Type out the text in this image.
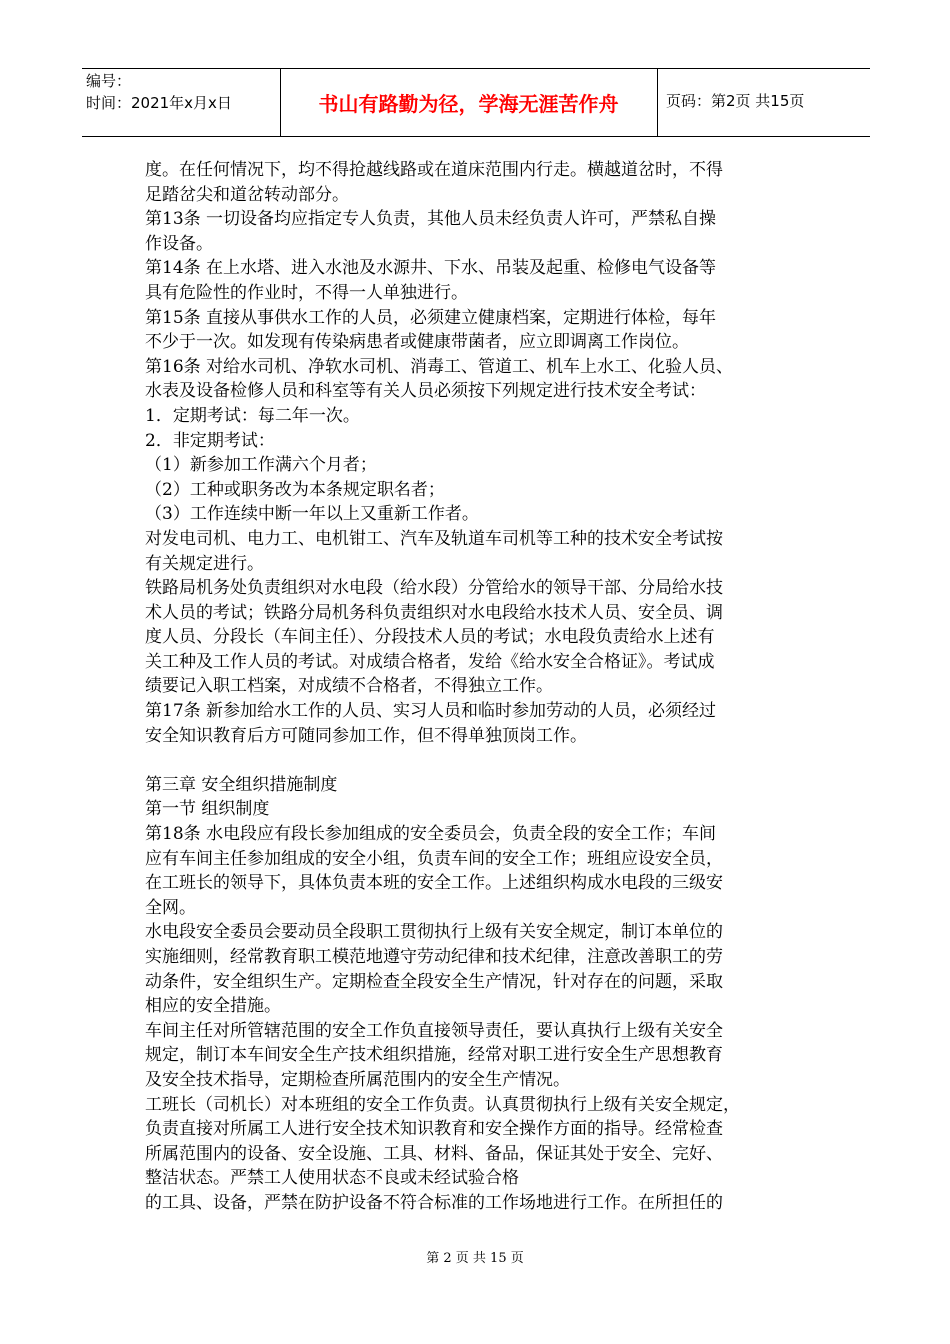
编号：
时间：2021年x月x日	书山有路勤为径，学海无涯苦作舟	页码：第2页 共15页
度。在任何情况下，均不得抢越线路或在道床范围内行走。横越道岔时，不得
足踏岔尖和道岔转动部分。
第13条 一切设备均应指定专人负责，其他人员未经负责人许可，严禁私自操
作设备。
第14条 在上水塔、进入水池及水源井、下水、吊装及起重、检修电气设备等
具有危险性的作业时，不得一人单独进行。
第15条 直接从事供水工作的人员，必须建立健康档案，定期进行体检，每年
不少于一次。如发现有传染病患者或健康带菌者，应立即调离工作岗位。
第16条 对给水司机、净软水司机、消毒工、管道工、机车上水工、化验人员、
水表及设备检修人员和科室等有关人员必须按下列规定进行技术安全考试：
1．定期考试：每二年一次。
2．非定期考试：
（1）新参加工作满六个月者；
（2）工种或职务改为本条规定职名者；
（3）工作连续中断一年以上又重新工作者。
对发电司机、电力工、电机钳工、汽车及轨道车司机等工种的技术安全考试按
有关规定进行。
铁路局机务处负责组织对水电段（给水段）分管给水的领导干部、分局给水技
术人员的考试；铁路分局机务科负责组织对水电段给水技术人员、安全员、调
度人员、分段长（车间主任）、分段技术人员的考试；水电段负责给水上述有
关工种及工作人员的考试。对成绩合格者，发给《给水安全合格证》。考试成
绩要记入职工档案，对成绩不合格者，不得独立工作。
第17条 新参加给水工作的人员、实习人员和临时参加劳动的人员，必须经过
安全知识教育后方可随同参加工作，但不得单独顶岗工作。
第三章 安全组织措施制度
第一节 组织制度
第18条 水电段应有段长参加组成的安全委员会，负责全段的安全工作；车间
应有车间主任参加组成的安全小组，负责车间的安全工作；班组应设安全员，
在工班长的领导下，具体负责本班的安全工作。上述组织构成水电段的三级安
全网。
水电段安全委员会要动员全段职工贯彻执行上级有关安全规定，制订本单位的
实施细则，经常教育职工模范地遵守劳动纪律和技术纪律，注意改善职工的劳
动条件，安全组织生产。定期检查全段安全生产情况，针对存在的问题，采取
相应的安全措施。
车间主任对所管辖范围的安全工作负直接领导责任，要认真执行上级有关安全
规定，制订本车间安全生产技术组织措施，经常对职工进行安全生产思想教育
及安全技术指导，定期检查所属范围内的安全生产情况。
工班长（司机长）对本班组的安全工作负责。认真贯彻执行上级有关安全规定，
负责直接对所属工人进行安全技术知识教育和安全操作方面的指导。经常检查
所属范围内的设备、安全设施、工具、材料、备品，保证其处于安全、完好、
整洁状态。严禁工人使用状态不良或未经试验合格
的工具、设备，严禁在防护设备不符合标准的工作场地进行工作。在所担任的
第 2 页 共 15 页
